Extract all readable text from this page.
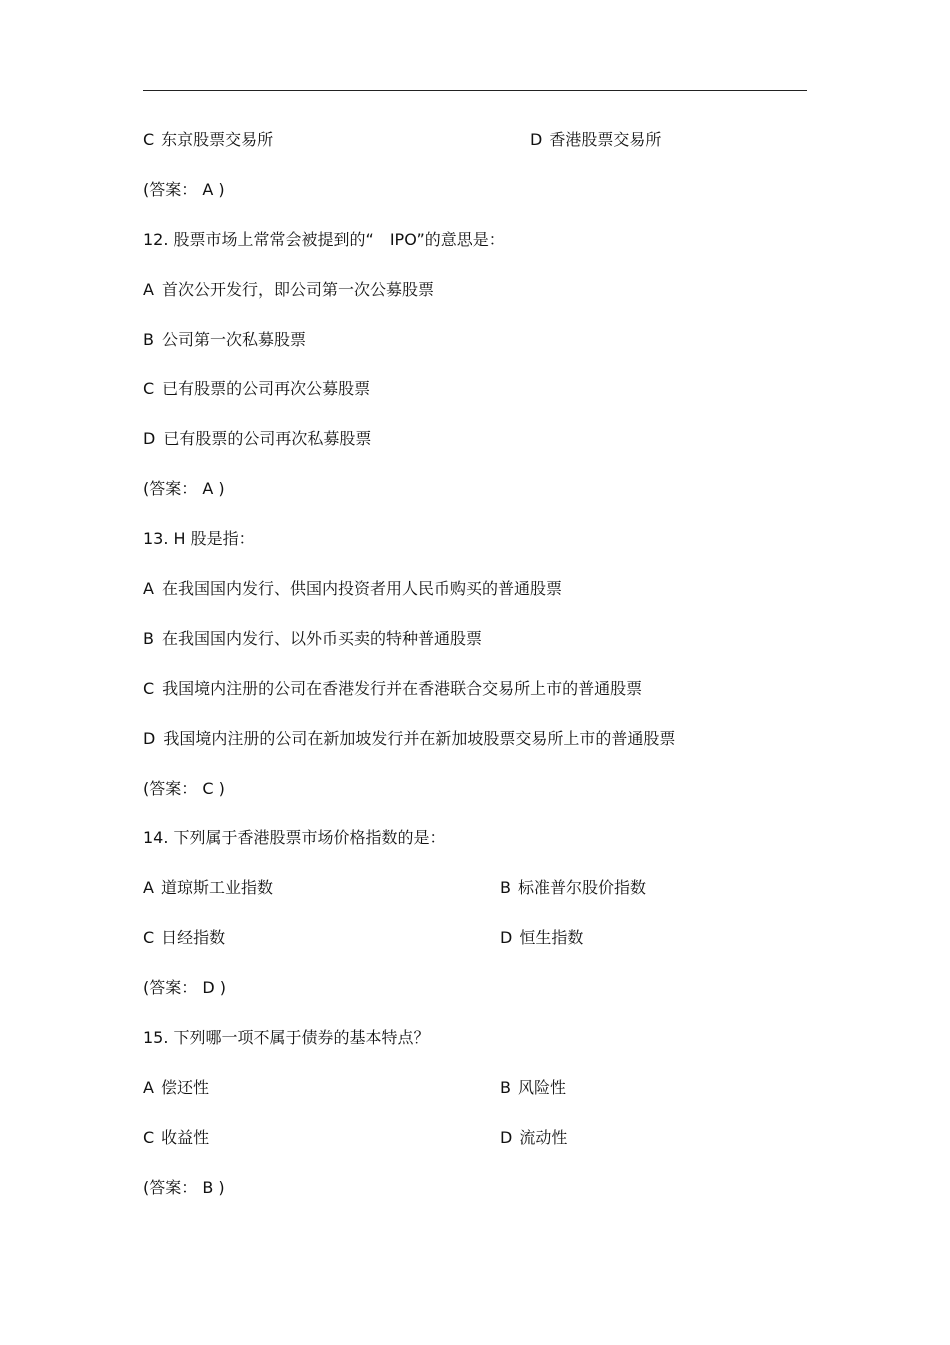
C 东京股票交易所	D 香港股票交易所
(答案： A )
12. 股票市场上常常会被提到的“　IPO”的意思是：
A 首次公开发行，即公司第一次公募股票
B 公司第一次私募股票
C 已有股票的公司再次公募股票
D 已有股票的公司再次私募股票
(答案： A )
13. H 股是指：
A 在我国国内发行、供国内投资者用人民币购买的普通股票
B 在我国国内发行、以外币买卖的特种普通股票
C 我国境内注册的公司在香港发行并在香港联合交易所上市的普通股票
D 我国境内注册的公司在新加坡发行并在新加坡股票交易所上市的普通股票
(答案： C )
14. 下列属于香港股票市场价格指数的是：
A 道琼斯工业指数	B 标准普尔股价指数
C 日经指数	D 恒生指数
(答案： D )
15. 下列哪一项不属于债券的基本特点？
A 偿还性	B 风险性
C 收益性	D 流动性
(答案： B )
